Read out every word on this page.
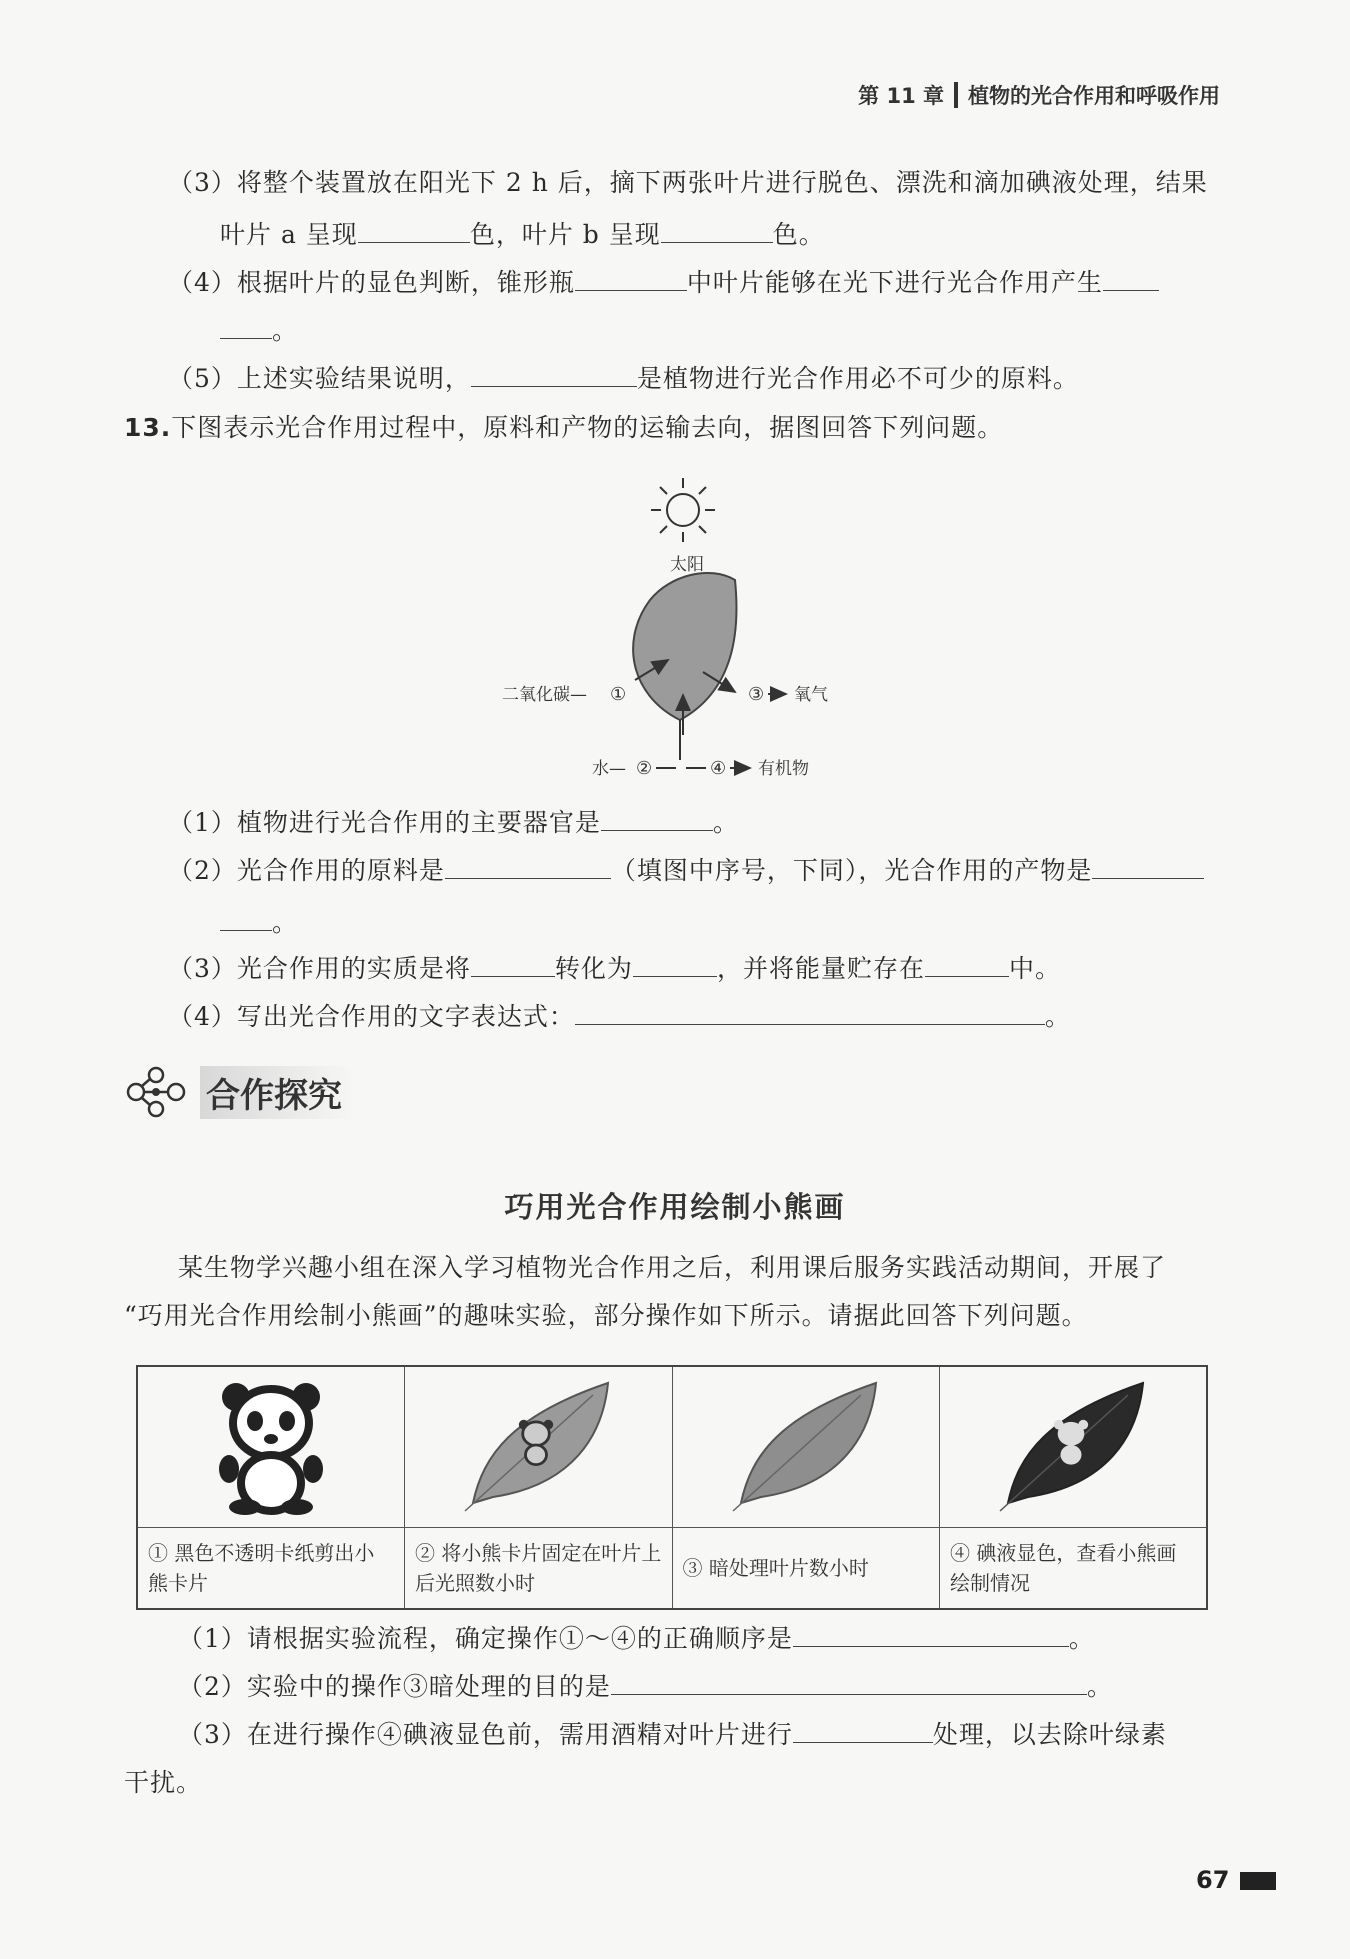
第 11 章 植物的光合作用和呼吸作用
（3）将整个装置放在阳光下 2 h 后，摘下两张叶片进行脱色、漂洗和滴加碘液处理，结果
叶片 a 呈现	色，叶片 b 呈现	色。
（4）根据叶片的显色判断，锥形瓶	中叶片能够在光下进行光合作用产生
。
（5）上述实验结果说明，	是植物进行光合作用必不可少的原料。
13.下图表示光合作用过程中，原料和产物的运输去向，据图回答下列问题。
太阳
二氧化碳— ①	③ 氧气
水— ②	④ 有机物
（1）植物进行光合作用的主要器官是	。
（2）光合作用的原料是	（填图中序号，下同），光合作用的产物是
。
（3）光合作用的实质是将	转化为	，并将能量贮存在	中。
（4）写出光合作用的文字表达式：	。
合作探究
巧用光合作用绘制小熊画
某生物学兴趣小组在深入学习植物光合作用之后，利用课后服务实践活动期间，开展了
“巧用光合作用绘制小熊画”的趣味实验，部分操作如下所示。请据此回答下列问题。

① 黑色不透明卡纸剪出小熊卡片	② 将小熊卡片固定在叶片上后光照数小时	③ 暗处理叶片数小时	④ 碘液显色，查看小熊画绘制情况
（1）请根据实验流程，确定操作①～④的正确顺序是	。
（2）实验中的操作③暗处理的目的是	。
（3）在进行操作④碘液显色前，需用酒精对叶片进行	处理，以去除叶绿素
干扰。
67
